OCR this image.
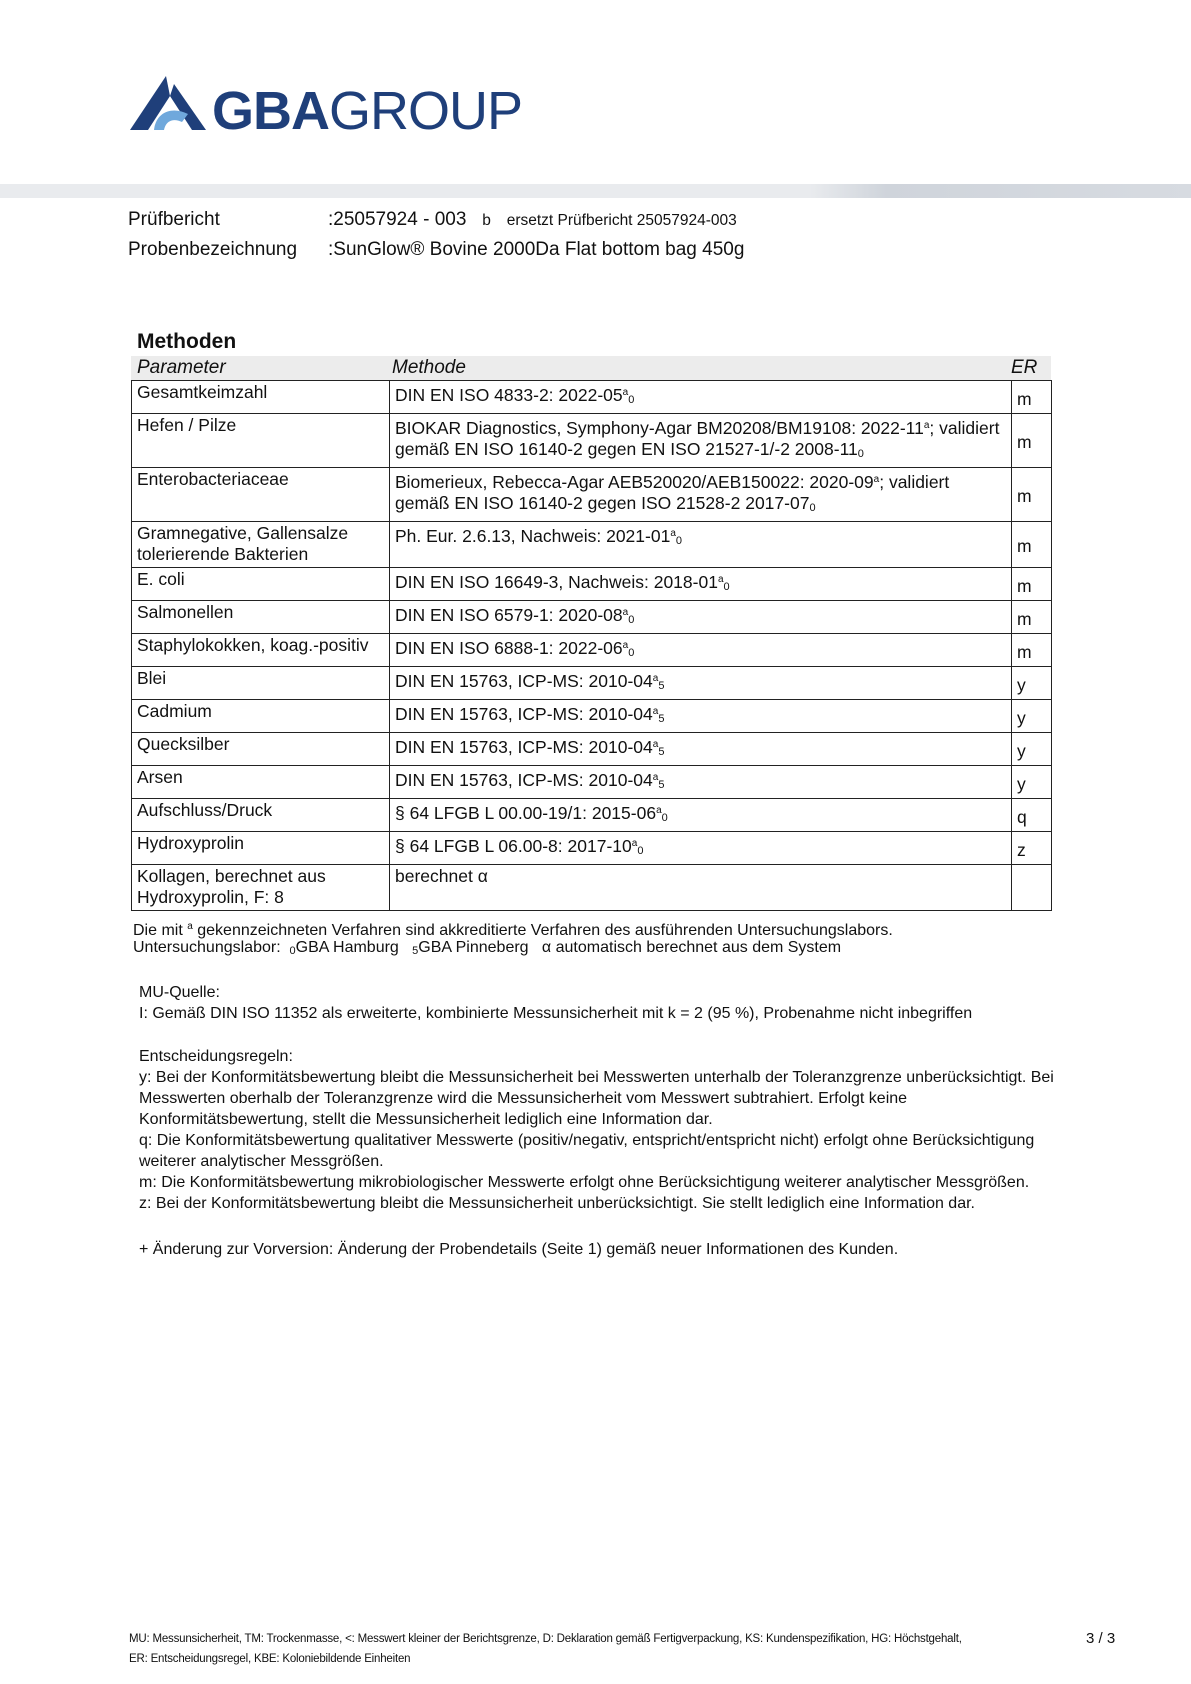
GBAGROUP
Prüfbericht	:25057924 - 003 b ersetzt Prüfbericht 25057924-003
Probenbezeichnung :SunGlow® Bovine 2000Da Flat bottom bag 450g
Methoden
Parameter	Methode	ER
Gesamtkeimzahl	DIN EN ISO 4833-2: $2022-05^a_0$	m
Hefen / Pilze	BIOKAR Diagnostics, Symphony-Agar BM20208/BM19108: 2022-11$^a$; validiert gemäß EN ISO 16140-2 gegen EN ISO 21527-1/-2 $2008-11_0$	m
Enterobacteriaceae	Biomerieux, Rebecca-Agar AEB520020/AEB150022: 2020-09$^a$; validiert gemäß EN ISO 16140-2 gegen ISO 21528-2 $2017-07_0$	m
Gramnegative, Gallensalze tolerierende Bakterien	Ph. Eur. 2.6.13, Nachweis: $2021-01^a_0$	m
E. coli	DIN EN ISO 16649-3, Nachweis: $2018-01^a_0$	m
Salmonellen	DIN EN ISO 6579-1: $2020-08^a_0$	m
Staphylokokken, koag.-positiv	DIN EN ISO 6888-1: $2022-06^a_0$	m
Blei	DIN EN 15763, ICP-MS: $2010-04^a_5$	y
Cadmium	DIN EN 15763, ICP-MS: $2010-04^a_5$	y
Quecksilber	DIN EN 15763, ICP-MS: $2010-04^a_5$	y
Arsen	DIN EN 15763, ICP-MS: $2010-04^a_5$	y
Aufschluss/Druck	§ 64 LFGB L 00.00-19/1: $2015-06^a_0$	q
Hydroxyprolin	§ 64 LFGB L 06.00-8: $2017-10^a_0$	z
Kollagen, berechnet aus Hydroxyprolin, F: 8	berechnet α	
Die mit $^a$ gekennzeichneten Verfahren sind akkreditierte Verfahren des ausführenden Untersuchungslabors.
Untersuchungslabor: $_0$GBA Hamburg $_5$GBA Pinneberg α automatisch berechnet aus dem System
MU-Quelle:
I: Gemäß DIN ISO 11352 als erweiterte, kombinierte Messunsicherheit mit k = 2 (95 %), Probenahme nicht inbegriffen
Entscheidungsregeln:
y: Bei der Konformitätsbewertung bleibt die Messunsicherheit bei Messwerten unterhalb der Toleranzgrenze unberücksichtigt. Bei Messwerten oberhalb der Toleranzgrenze wird die Messunsicherheit vom Messwert subtrahiert. Erfolgt keine Konformitätsbewertung, stellt die Messunsicherheit lediglich eine Information dar.
q: Die Konformitätsbewertung qualitativer Messwerte (positiv/negativ, entspricht/entspricht nicht) erfolgt ohne Berücksichtigung weiterer analytischer Messgrößen.
m: Die Konformitätsbewertung mikrobiologischer Messwerte erfolgt ohne Berücksichtigung weiterer analytischer Messgrößen.
z: Bei der Konformitätsbewertung bleibt die Messunsicherheit unberücksichtigt. Sie stellt lediglich eine Information dar.
+ Änderung zur Vorversion: Änderung der Probendetails (Seite 1) gemäß neuer Informationen des Kunden.
MU: Messunsicherheit, TM: Trockenmasse, <: Messwert kleiner der Berichtsgrenze, D: Deklaration gemäß Fertigverpackung, KS: Kundenspezifikation, HG: Höchstgehalt,
ER: Entscheidungsregel, KBE: Koloniebildende Einheiten
3 / 3
